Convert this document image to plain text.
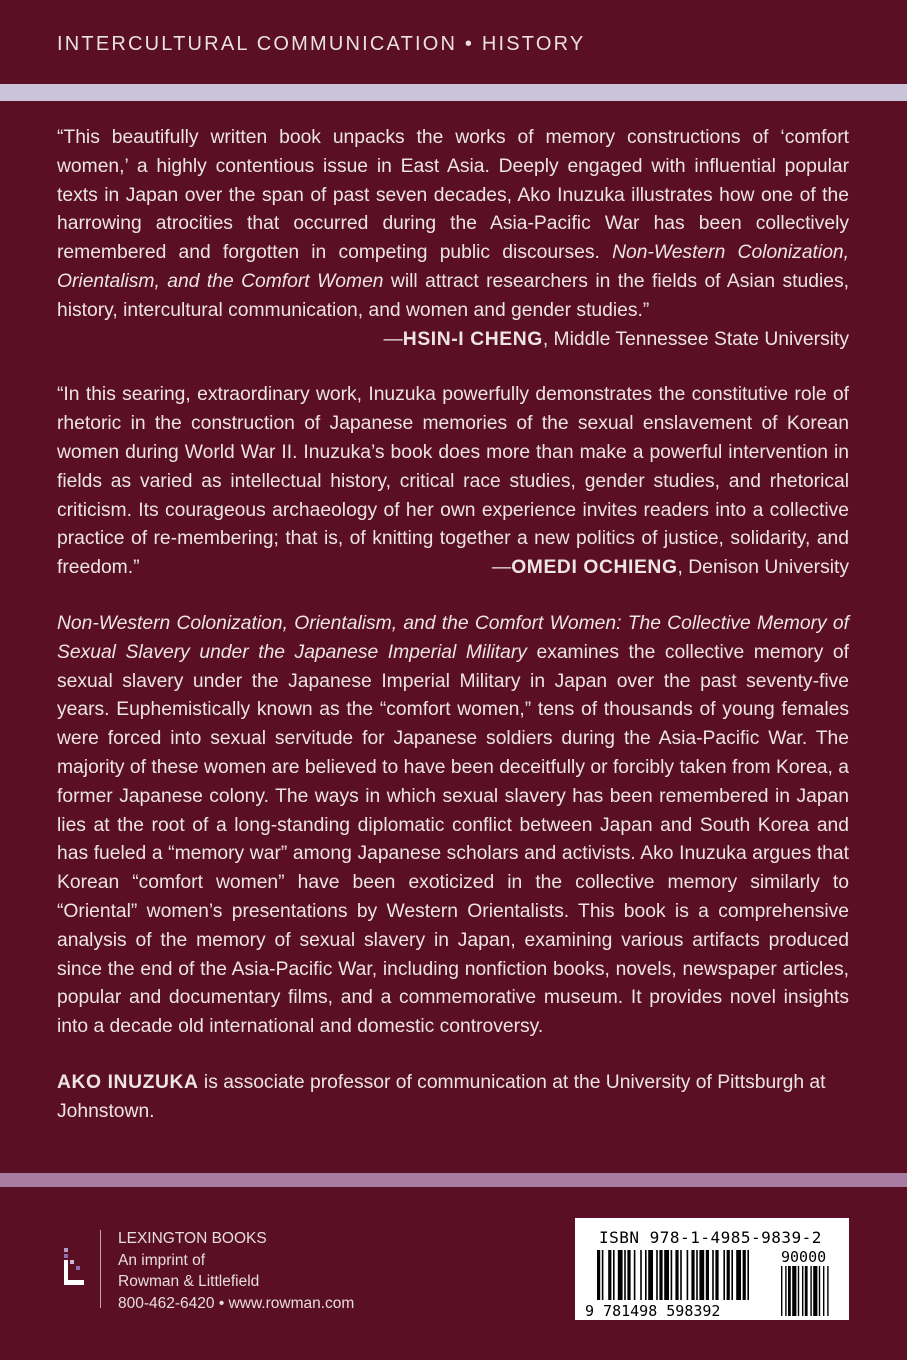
INTERCULTURAL COMMUNICATION • HISTORY

“This beautifully written book unpacks the works of memory constructions of ‘comfort women,’ a highly contentious issue in East Asia. Deeply engaged with influential popular texts in Japan over the span of past seven decades, Ako Inuzuka illustrates how one of the harrowing atrocities that occurred during the Asia-Pacific War has been collectively remembered and forgotten in competing public discourses. Non-Western Colonization, Orientalism, and the Comfort Women will attract researchers in the fields of Asian studies, history, intercultural communication, and women and gender studies.”

—HSIN-I CHENG, Middle Tennessee State University

“In this searing, extraordinary work, Inuzuka powerfully demonstrates the constitutive role of rhetoric in the construction of Japanese memories of the sexual enslavement of Korean women during World War II. Inuzuka’s book does more than make a powerful intervention in fields as varied as intellectual history, critical race studies, gender studies, and rhetorical criticism. Its courageous archaeology of her own experience invites readers into a collective practice of re-membering; that is, of knitting together a new politics of justice, solidarity, and freedom.”	—OMEDI OCHIENG, Denison University

Non-Western Colonization, Orientalism, and the Comfort Women: The Collective Memory of Sexual Slavery under the Japanese Imperial Military examines the collective memory of sexual slavery under the Japanese Imperial Military in Japan over the past seventy-five years. Euphemistically known as the “comfort women,” tens of thousands of young females were forced into sexual servitude for Japanese soldiers during the Asia-Pacific War. The majority of these women are believed to have been deceitfully or forcibly taken from Korea, a former Japanese colony. The ways in which sexual slavery has been remembered in Japan lies at the root of a long-standing diplomatic conflict between Japan and South Korea and has fueled a “memory war” among Japanese scholars and activists. Ako Inuzuka argues that Korean “comfort women” have been exoticized in the collective memory similarly to “Oriental” women’s presentations by Western Orientalists. This book is a comprehensive analysis of the memory of sexual slavery in Japan, examining various artifacts produced since the end of the Asia-Pacific War, including nonfiction books, novels, newspaper articles, popular and documentary films, and a commemorative museum. It provides novel insights into a decade old international and domestic controversy.

AKO INUZUKA is associate professor of communication at the University of Pittsburgh at Johnstown.

LEXINGTON BOOKS
An imprint of
Rowman & Littlefield
800-462-6420 • www.rowman.com
ISBN 978-1-4985-9839-2
9 781498 598392
90000
